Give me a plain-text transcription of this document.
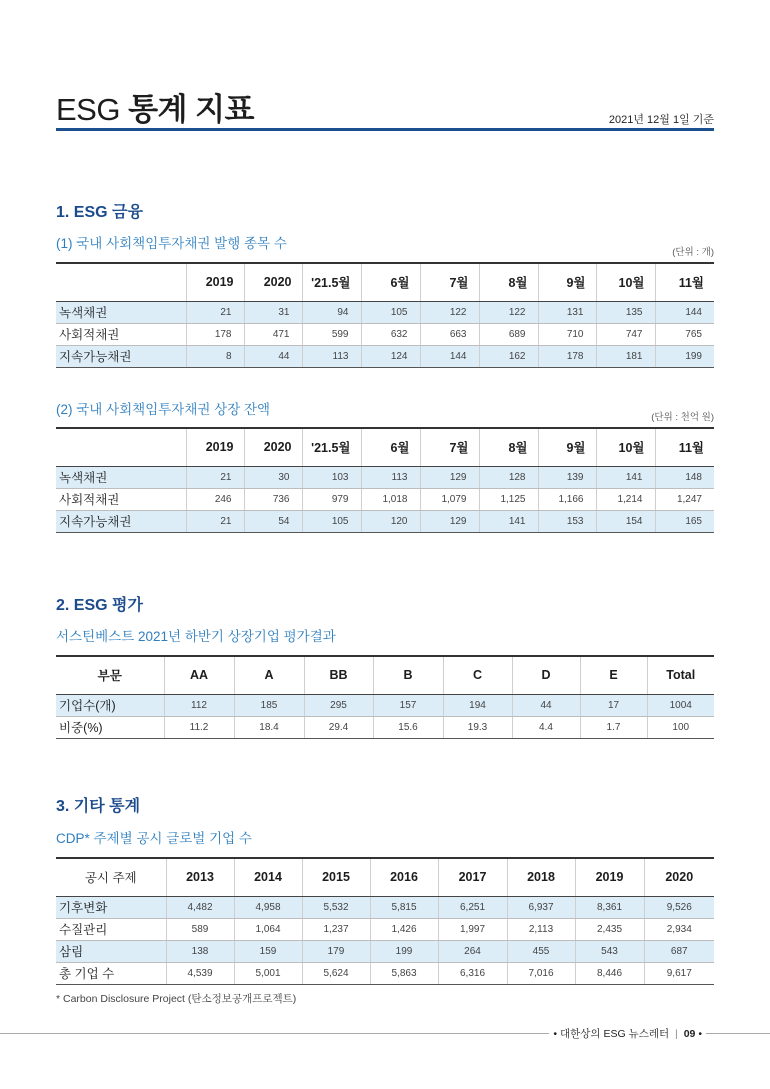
ESG 통계 지표	2021년 12월 1일 기준
1. ESG 금융
(1) 국내 사회책임투자채권 발행 종목 수
(단위 : 개)
	2019	2020	'21.5월	6월	7월	8월	9월	10월	11월
녹색채권	21	31	94	105	122	122	131	135	144
사회적채권	178	471	599	632	663	689	710	747	765
지속가능채권	8	44	113	124	144	162	178	181	199
(2) 국내 사회책임투자채권 상장 잔액
(단위 : 천억 원)
	2019	2020	'21.5월	6월	7월	8월	9월	10월	11월
녹색채권	21	30	103	113	129	128	139	141	148
사회적채권	246	736	979	1,018	1,079	1,125	1,166	1,214	1,247
지속가능채권	21	54	105	120	129	141	153	154	165
2. ESG 평가
서스틴베스트 2021년 하반기 상장기업 평가결과
부문	AA	A	BB	B	C	D	E	Total
기업수(개)	112	185	295	157	194	44	17	1004
비중(%)	11.2	18.4	29.4	15.6	19.3	4.4	1.7	100
3. 기타 통계
CDP* 주제별 공시 글로벌 기업 수
공시 주제	2013	2014	2015	2016	2017	2018	2019	2020
기후변화	4,482	4,958	5,532	5,815	6,251	6,937	8,361	9,526
수질관리	589	1,064	1,237	1,426	1,997	2,113	2,435	2,934
삼림	138	159	179	199	264	455	543	687
총 기업 수	4,539	5,001	5,624	5,863	6,316	7,016	8,446	9,617
* Carbon Disclosure Project (탄소정보공개프로젝트)
• 대한상의 ESG 뉴스레터 | 09 •
